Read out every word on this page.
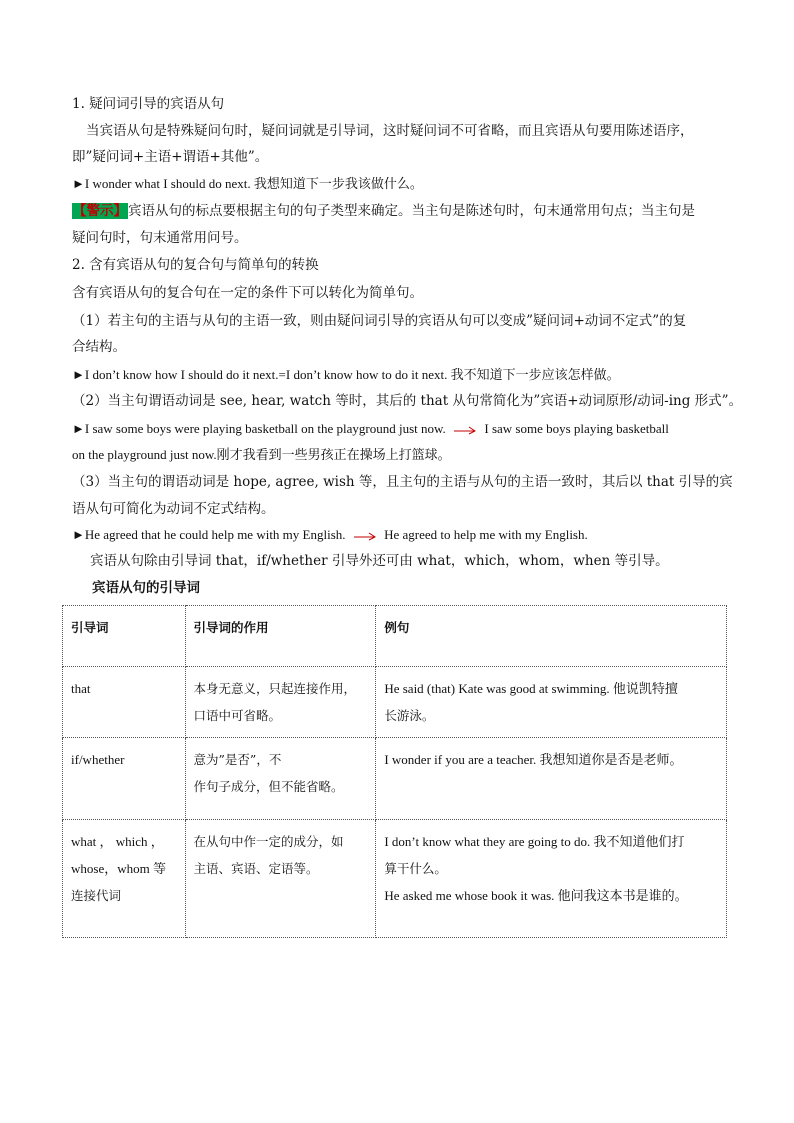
1. 疑问词引导的宾语从句
当宾语从句是特殊疑问句时，疑问词就是引导词，这时疑问词不可省略，而且宾语从句要用陈述语序，
即”疑问词+主语+谓语+其他”。
►I wonder what I should do next. 我想知道下一步我该做什么。
【警示】宾语从句的标点要根据主句的句子类型来确定。当主句是陈述句时，句末通常用句点；当主句是
疑问句时，句末通常用问号。
2. 含有宾语从句的复合句与简单句的转换
含有宾语从句的复合句在一定的条件下可以转化为简单句。
（1）若主句的主语与从句的主语一致，则由疑问词引导的宾语从句可以变成”疑问词+动词不定式”的复
合结构。
►I don’t know how I should do it next.=I don’t know how to do it next. 我不知道下一步应该怎样做。
（2）当主句谓语动词是 see, hear, watch 等时，其后的 that 从句常简化为”宾语+动词原形/动词-ing 形式”。
►I saw some boys were playing basketball on the playground just now.	I saw some boys playing basketball
on the playground just now.刚才我看到一些男孩正在操场上打篮球。
（3）当主句的谓语动词是 hope, agree, wish 等，且主句的主语与从句的主语一致时，其后以 that 引导的宾
语从句可简化为动词不定式结构。
►He agreed that he could help me with my English.	He agreed to help me with my English.
宾语从句除由引导词 that，if/whether 引导外还可由 what，which，whom，when 等引导。
宾语从句的引导词
引导词	引导词的作用	例句

that	本身无意义，只起连接作用，
口语中可省略。	He said (that) Kate was good at swimming. 他说凯特擅
长游泳。

if/whether	意为”是否”，不
作句子成分，但不能省略。	I wonder if you are a teacher. 我想知道你是否是老师。

what ， which ，
whose，whom 等
连接代词	在从句中作一定的成分，如
主语、宾语、定语等。	I don’t know what they are going to do. 我不知道他们打
算干什么。
He asked me whose book it was. 他问我这本书是谁的。
